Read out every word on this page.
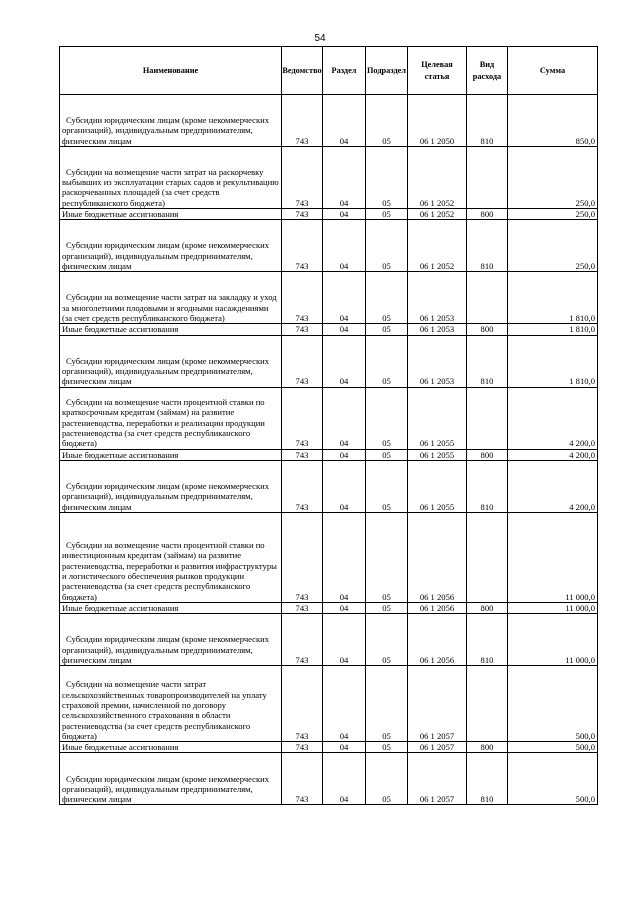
54
Наименование	Ведомство	Раздел	Подраздел	Целевая статья	Вид расхода	Сумма
Субсидии юридическим лицам (кроме некоммерческих организаций), индивидуальным предпринимателям, физическим лицам	743	04	05	06 1 2050	810	850,0
Субсидии на возмещение части затрат на раскорчевку выбывших из эксплуатации старых садов и рекультивацию раскорчеванных площадей (за счет средств республиканского бюджета)	743	04	05	06 1 2052		250,0
Иные бюджетные ассигнования	743	04	05	06 1 2052	800	250,0
Субсидии юридическим лицам (кроме некоммерческих организаций), индивидуальным предпринимателям, физическим лицам	743	04	05	06 1 2052	810	250,0
Субсидии на возмещение части затрат на закладку и уход за многолетними плодовыми и ягодными насаждениями (за счет средств республиканского бюджета)	743	04	05	06 1 2053		1 810,0
Иные бюджетные ассигнования	743	04	05	06 1 2053	800	1 810,0
Субсидии юридическим лицам (кроме некоммерческих организаций), индивидуальным предпринимателям, физическим лицам	743	04	05	06 1 2053	810	1 810,0
Субсидии на возмещение части процентной ставки по краткосрочным кредитам (займам) на развитие растениеводства, переработки и реализации продукции растениеводства (за счет средств республиканского бюджета)	743	04	05	06 1 2055		4 200,0
Иные бюджетные ассигнования	743	04	05	06 1 2055	800	4 200,0
Субсидии юридическим лицам (кроме некоммерческих организаций), индивидуальным предпринимателям, физическим лицам	743	04	05	06 1 2055	810	4 200,0
Субсидии на возмещение части процентной ставки по инвестиционным кредитам (займам) на развитие растениеводства, переработки и развития инфраструктуры и логистического обеспечения рынков продукции растениеводства (за счет средств республиканского бюджета)	743	04	05	06 1 2056		11 000,0
Иные бюджетные ассигнования	743	04	05	06 1 2056	800	11 000,0
Субсидии юридическим лицам (кроме некоммерческих организаций), индивидуальным предпринимателям, физическим лицам	743	04	05	06 1 2056	810	11 000,0
Субсидии на возмещение части затрат сельскохозяйственных товаропроизводителей на уплату страховой премии, начисленной по договору сельскохозяйственного страхования в области растениеводства (за счет средств республиканского бюджета)	743	04	05	06 1 2057		500,0
Иные бюджетные ассигнования	743	04	05	06 1 2057	800	500,0
Субсидии юридическим лицам (кроме некоммерческих организаций), индивидуальным предпринимателям, физическим лицам	743	04	05	06 1 2057	810	500,0
